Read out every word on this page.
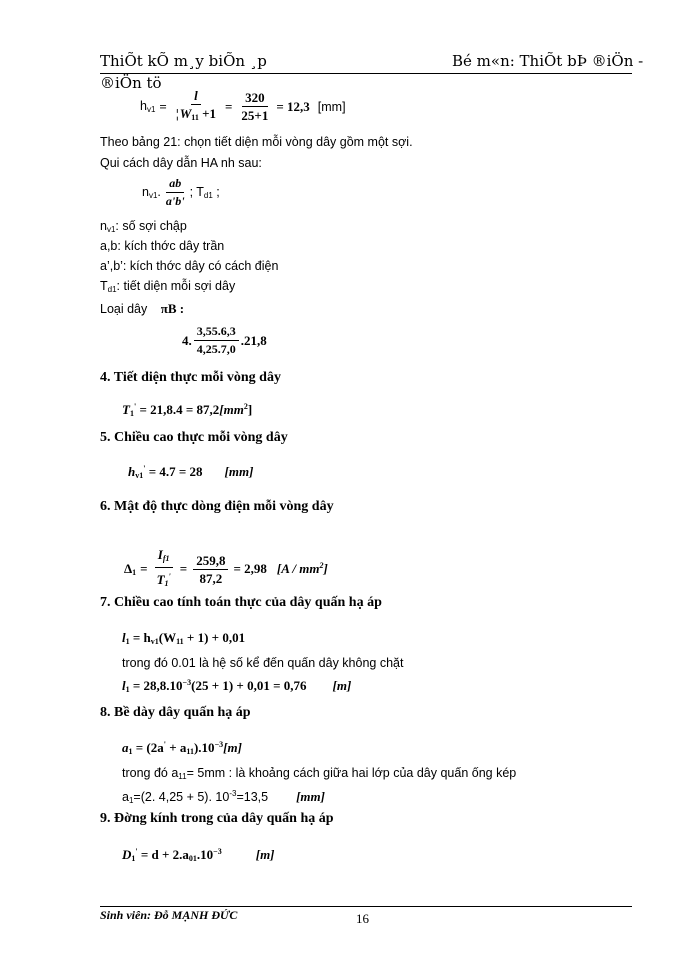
ThiÕt kÕ m¸y biÕn ¸p	Bé m«n: ThiÕt bÞ ®iÖn -
®iÖn tö
$h_{v1} = \frac{l}{¦W_{11} +1} = \frac{320}{25+1} = 12,3$ [mm]
Theo bảng 21: chọn tiết diện mỗi vòng dây gồm một sợi.
Qui cách dây dẫn HA nh sau:
$n_{v1}$. $\frac{ab}{a'b'}$ ; $T_{d1}$ ;
$n_{v1}$: số sợi chập
a,b: kích thớc dây trần
a’,b’: kích thớc dây có cách điện
$T_{d1}$: tiết diện mỗi sợi dây
Loại dây πB :
4. $\frac{3,55.6,3}{4,25.7,0} .21,8$
4. Tiết diện thực mỗi vòng dây
$T_1' = 21,8.4 = 87,2[mm^2]$
5. Chiều cao thực mỗi vòng dây
$h_{v1}' = 4.7 = 28$ [mm]
6. Mật độ thực dòng điện mỗi vòng dây
$\Delta_1 = \frac{I_{f1}}{T_1'} = \frac{259,8}{87,2} = 2,98$ $[A / mm^2]$
7. Chiều cao tính toán thực của dây quấn hạ áp
$l_1 = h_{v1}(W_{11} + 1) + 0,01$
trong đó 0.01 là hệ số kể đến quấn dây không chặt
$l_1 = 28,8.10^{-3}(25 + 1) + 0,01 = 0,76$ [m]
8. Bề dày dây quấn hạ áp
$a_1 = (2a' + a_{11}).10^{-3}[m]$
trong đó $a_{11}= 5mm$ : là khoảng cách giữa hai lớp của dây quấn ống kép
$a_1=(2$. 4,25 + 5). $10^{-3}=13,5$ [mm]
9. Đờng kính trong của dây quấn hạ áp
$D_1' = d + 2.a_{01}.10^{-3}$	[m]
Sinh viên: Đỗ MẠNH ĐỨC	16
